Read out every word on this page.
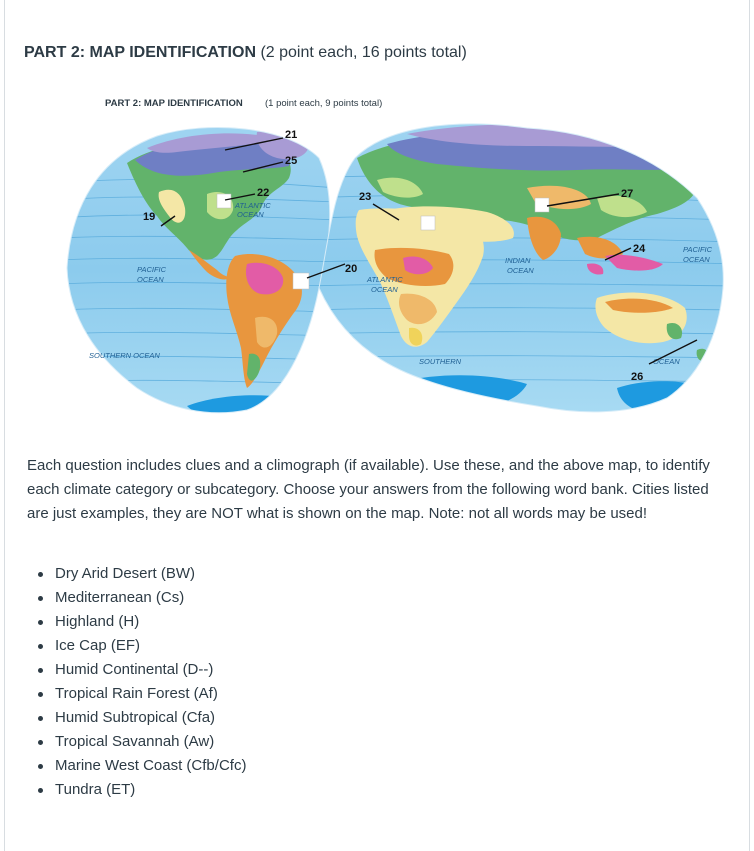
PART 2: MAP IDENTIFICATION (2 point each, 16 points total)
PART 2: MAP IDENTIFICATION (1 point each, 9 points total)
PACIFIC
OCEAN
ATLANTIC
OCEAN
ATLANTIC
OCEAN
INDIAN
OCEAN
PACIFIC
OCEAN
SOUTHERN OCEAN
SOUTHERN	OCEAN
19
20
21
22	23
24
25
26
27

Each question includes clues and a climograph (if available). Use these, and the above map, to identify each climate category or subcategory. Choose your answers from the following word bank. Cities listed are just examples, they are NOT what is shown on the map. Note: not all words may be used!

Dry Arid Desert (BW)
Mediterranean (Cs)
Highland (H)
Ice Cap (EF)
Humid Continental (D--)
Tropical Rain Forest (Af)
Humid Subtropical (Cfa)
Tropical Savannah (Aw)
Marine West Coast (Cfb/Cfc)
Tundra (ET)
